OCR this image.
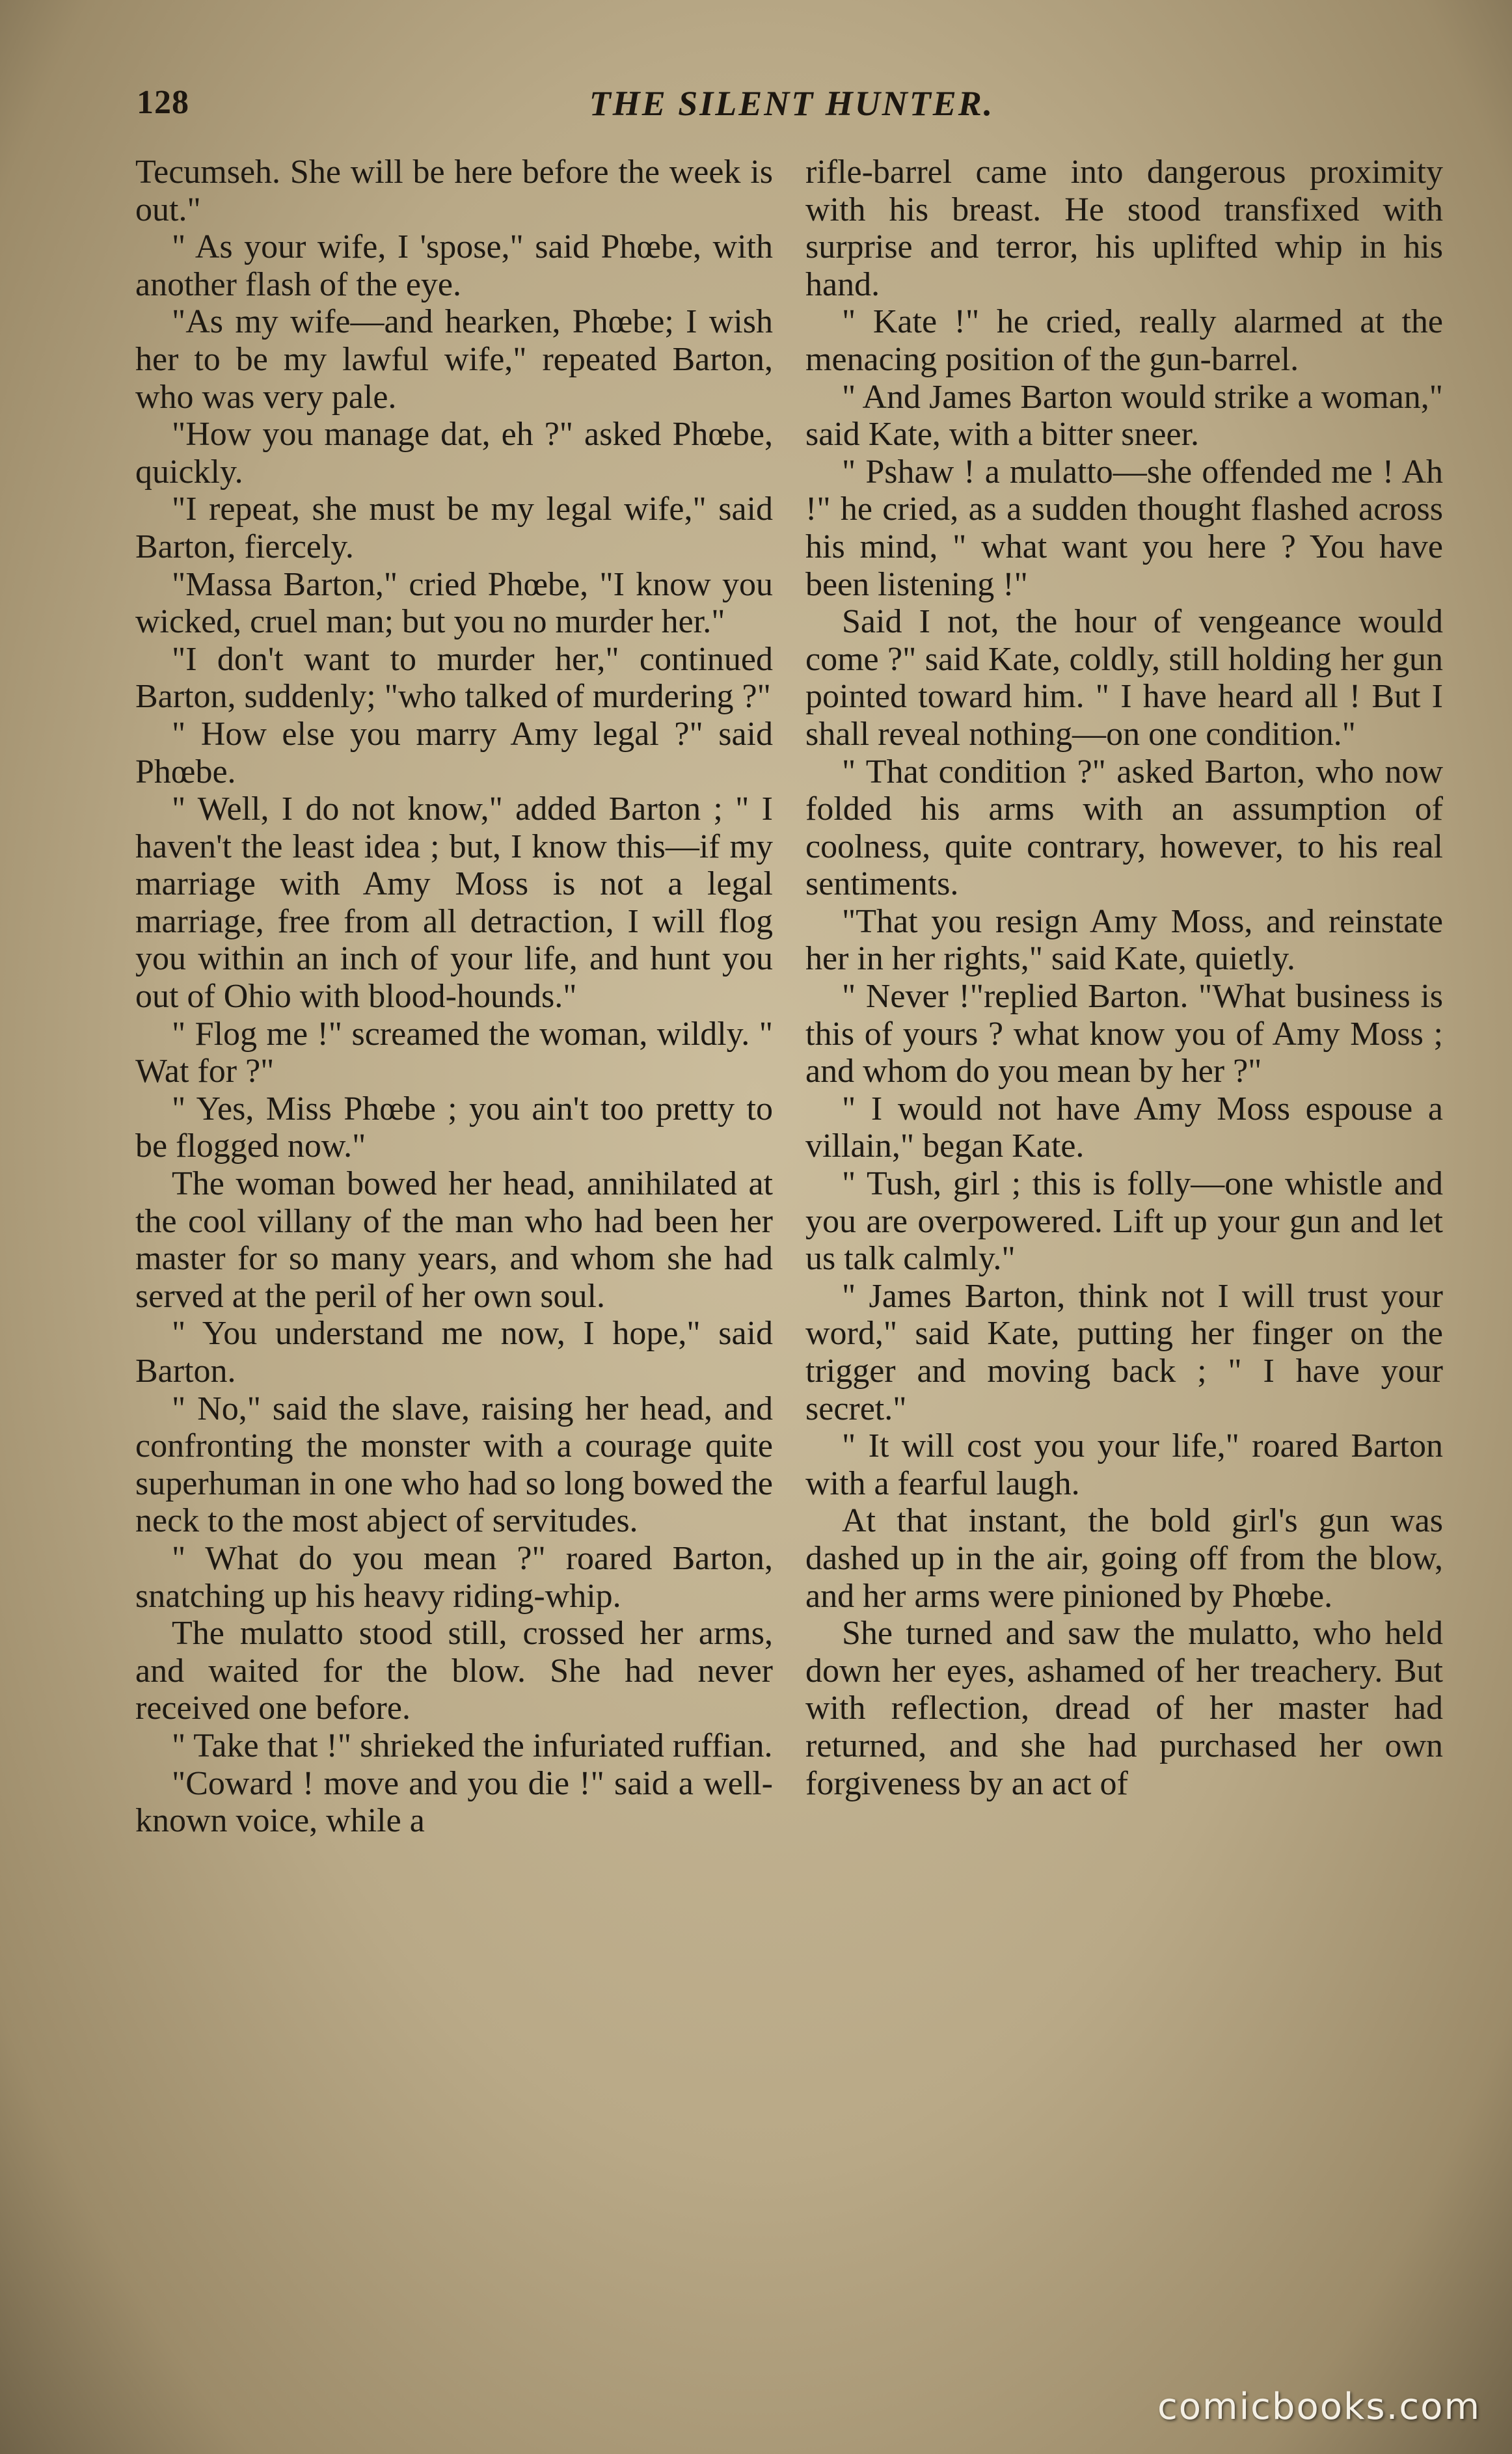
128	THE SILENT HUNTER.

Tecumseh. She will be here before the week is out."

" As your wife, I 'spose," said Phœbe, with another flash of the eye.

"As my wife—and hearken, Phœbe; I wish her to be my lawful wife," repeated Barton, who was very pale.

"How you manage dat, eh ?" asked Phœbe, quickly.

"I repeat, she must be my legal wife," said Barton, fiercely.

"Massa Barton," cried Phœbe, "I know you wicked, cruel man; but you no murder her."

"I don't want to murder her," continued Barton, suddenly; "who talked of murdering ?"

" How else you marry Amy legal ?" said Phœbe.

" Well, I do not know," added Barton ; " I haven't the least idea ; but, I know this—if my marriage with Amy Moss is not a legal marriage, free from all detraction, I will flog you within an inch of your life, and hunt you out of Ohio with blood-hounds."

" Flog me !" screamed the woman, wildly. " Wat for ?"

" Yes, Miss Phœbe ; you ain't too pretty to be flogged now."

The woman bowed her head, annihilated at the cool villany of the man who had been her master for so many years, and whom she had served at the peril of her own soul.

" You understand me now, I hope," said Barton.

" No," said the slave, raising her head, and confronting the monster with a courage quite superhuman in one who had so long bowed the neck to the most abject of servitudes.

" What do you mean ?" roared Barton, snatching up his heavy riding-whip.

The mulatto stood still, crossed her arms, and waited for the blow. She had never received one before.

" Take that !" shrieked the infuriated ruffian.

"Coward ! move and you die !" said a well-known voice, while a

rifle-barrel came into dangerous proximity with his breast. He stood transfixed with surprise and terror, his uplifted whip in his hand.

" Kate !" he cried, really alarmed at the menacing position of the gun-barrel.

" And James Barton would strike a woman," said Kate, with a bitter sneer.

" Pshaw ! a mulatto—she offended me ! Ah !" he cried, as a sudden thought flashed across his mind, " what want you here ? You have been listening !"

Said I not, the hour of vengeance would come ?" said Kate, coldly, still holding her gun pointed toward him. " I have heard all ! But I shall reveal nothing—on one condition."

" That condition ?" asked Barton, who now folded his arms with an assumption of coolness, quite contrary, however, to his real sentiments.

"That you resign Amy Moss, and reinstate her in her rights," said Kate, quietly.

" Never !"replied Barton. "What business is this of yours ? what know you of Amy Moss ; and whom do you mean by her ?"

" I would not have Amy Moss espouse a villain," began Kate.

" Tush, girl ; this is folly—one whistle and you are overpowered. Lift up your gun and let us talk calmly."

" James Barton, think not I will trust your word," said Kate, putting her finger on the trigger and moving back ; " I have your secret."

" It will cost you your life," roared Barton with a fearful laugh.

At that instant, the bold girl's gun was dashed up in the air, going off from the blow, and her arms were pinioned by Phœbe.

She turned and saw the mulatto, who held down her eyes, ashamed of her treachery. But with reflection, dread of her master had returned, and she had purchased her own forgiveness by an act of

comicbooks.com
